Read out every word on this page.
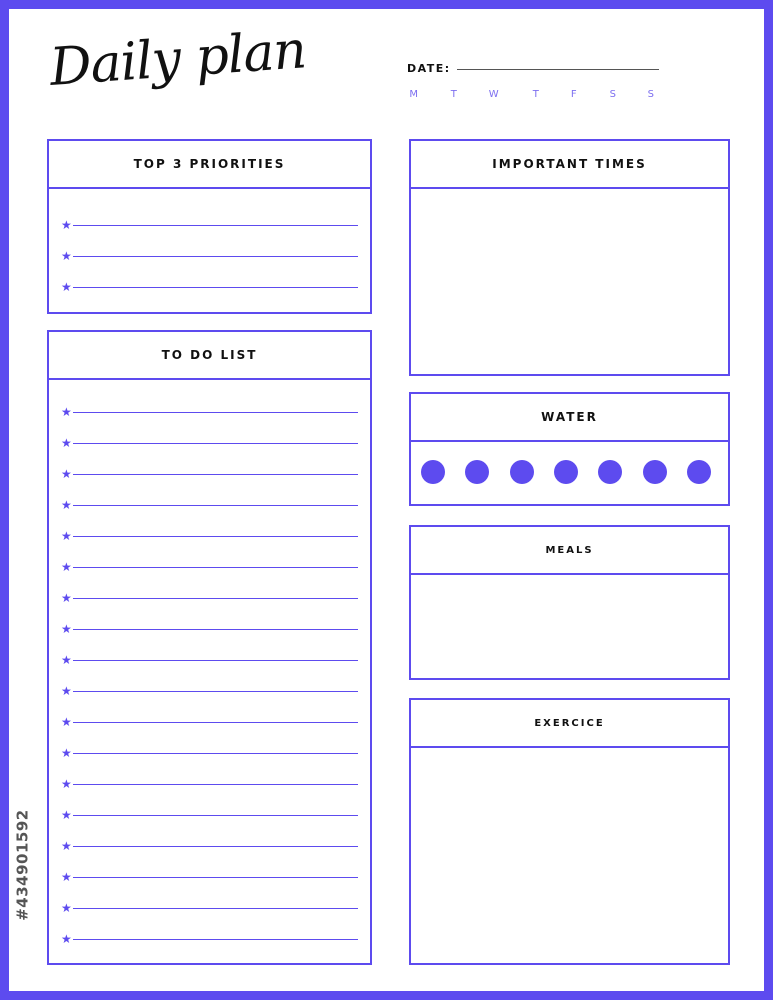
Daily plan	DATE:
M	T	W	T	F	S	S
TOP 3 PRIORITIES
★
★
★
TO DO LIST
★
★
★
★
★
★
★
★
★
★
★
★
★
★
★
★
★
★
IMPORTANT TIMES
WATER
MEALS
EXERCICE
#434901592
